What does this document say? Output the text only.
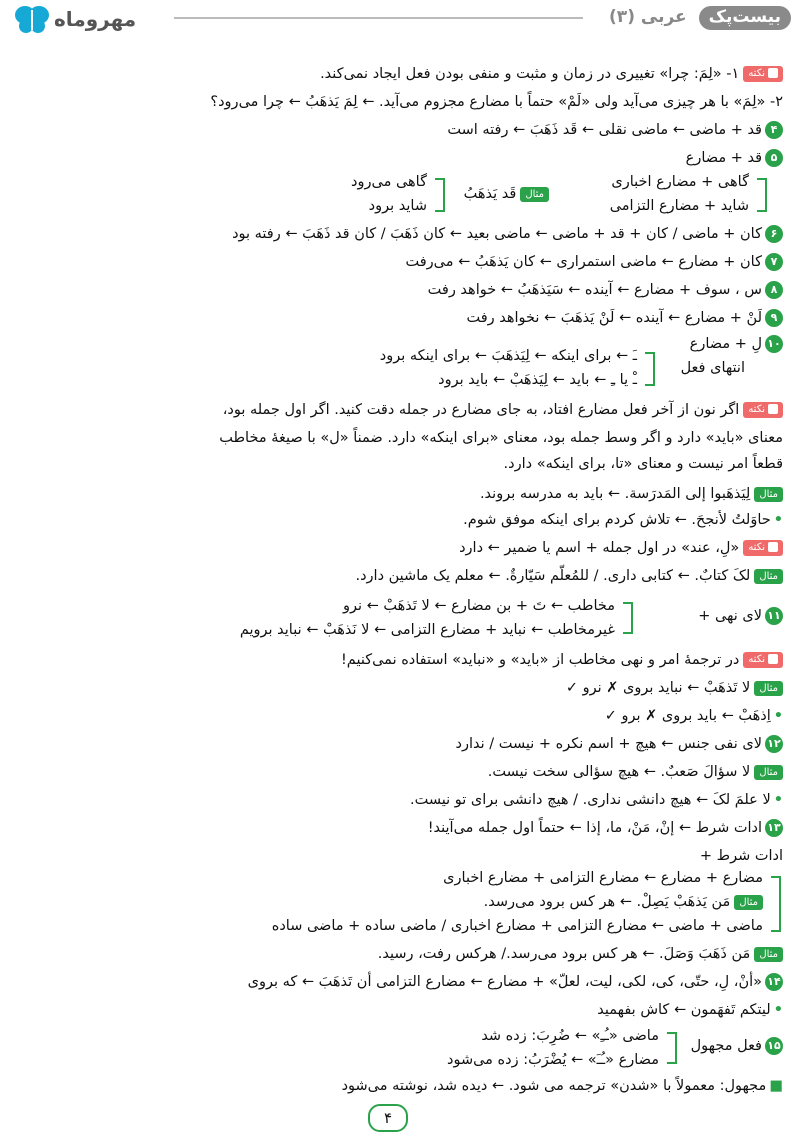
مهروماه	بیست‌پک عربی (۳)
نکته۱- «لِمَ: چرا» تغییری در زمان و مثبت و منفی بودن فعل ایجاد نمی‌کند.
۲- «لِمَ» با هر چیزی می‌آید ولی «لَمْ» حتماً با مضارع مجزوم می‌آید. ← لِمَ یَذهَبُ ← چرا می‌رود؟
۴قد + ماضی ← ماضی نقلی ← قَد ذَهَبَ ← رفته است
۵قد + مضارع
گاهی + مضارع اخباری
شاید + مضارع التزامی
مثالقَد یَذهَبُ
گاهی می‌رود
شاید برود
۶کان + ماضی / کان + قد + ماضی ← ماضی بعید ← کان ذَهَبَ / کان قد ذَهَبَ ← رفته بود
۷کان + مضارع ← ماضی استمراری ← کان یَذهَبُ ← می‌رفت
۸س ، سوف + مضارع ← آینده ← سَیَذهَبُ ← خواهد رفت
۹لَنْ + مضارع ← آینده ← لَنْ یَذهَبَ ← نخواهد رفت
۱۰لِ + مضارع
انتهای فعل
ـَ ← برای اینکه ← لِیَذهَبَ ← برای اینکه برود
ـْ یا ـِ ← باید ← لِیَذهَبْ ← باید برود
نکتهاگر نون از آخر فعل مضارع افتاد، به جای مضارع در جمله دقت کنید. اگر اول جمله بود،
معنای «باید» دارد و اگر وسط جمله بود، معنای «برای اینکه» دارد. ضمناً «ل» با صیغهٔ مخاطب
قطعاً امر نیست و معنای «تا، برای اینکه» دارد.
مثاللِیَذهَبوا إلی المَدرَسة. ← باید به مدرسه بروند.
•حاوَلتُ لأنجحَ. ← تلاش کردم برای اینکه موفق شوم.
نکته«لِ، عند» در اول جمله + اسم یا ضمیر ← دارد
مثاللکَ کتابٌ. ← کتابی داری. / للمُعلّم سَیّارةٌ. ← معلم یک ماشین دارد.
۱۱لای نهی +
مخاطب ← تَ + بن مضارع ← لا تَذهَبْ ← نرو
غیرمخاطب ← نباید + مضارع التزامی ← لا نَذهَبْ ← نباید برویم
نکتهدر ترجمهٔ امر و نهی مخاطب از «باید» و «نباید» استفاده نمی‌کنیم!
مثاللا تَذهَبْ ← نباید بروی ✗ نرو ✓
•اِذهَبْ ← باید بروی ✗ برو ✓
۱۲لای نفی جنس ← هیچ + اسم نکره + نیست / ندارد
مثاللا سؤالَ صَعبٌ. ← هیچ سؤالی سخت نیست.
•لا علمَ لکَ ← هیچ دانشی نداری. / هیچ دانشی برای تو نیست.
۱۳ادات شرط ← إنْ، مَنْ، ما، إذا ← حتماً اول جمله می‌آیند!
ادات شرط +
مضارع + مضارع ← مضارع التزامی + مضارع اخباری
مثالمَن یَذهَبْ یَصِلْ. ← هر کس برود می‌رسد.
ماضی + ماضی ← مضارع التزامی + مضارع اخباری / ماضی ساده + ماضی ساده
مثالمَن ذَهَبَ وَصَلَ. ← هر کس برود می‌رسد./ هرکس رفت، رسید.
۱۴«أنْ، لِ، حتّی، کی، لکی، لیت، لعلّ» + مضارع ← مضارع التزامی أن تَذهَبَ ← که بروی
•لیتکم تَفهَمون ← کاش بفهمید
۱۵فعل مجهول
ماضی «ـُـِ» ← ضُرِبَ: زده شد
مضارع «ـُـَ» ← یُضْرَبُ: زده می‌شود
■مجهول: معمولاً با «شدن» ترجمه می شود. ← دیده شد، نوشته می‌شود
۴
